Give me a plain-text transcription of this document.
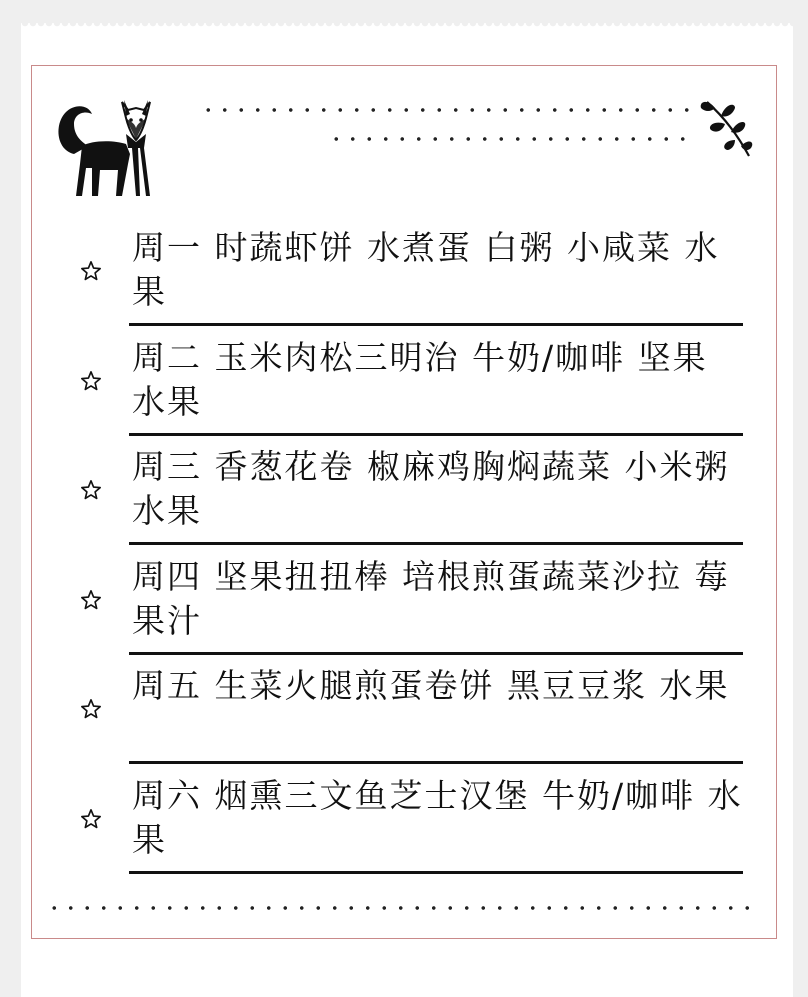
周一 时蔬虾饼 水煮蛋 白粥 小咸菜 水果
周二 玉米肉松三明治 牛奶/咖啡 坚果 水果
周三 香葱花卷 椒麻鸡胸焖蔬菜 小米粥 水果
周四 坚果扭扭棒 培根煎蛋蔬菜沙拉 莓果汁
周五 生菜火腿煎蛋卷饼 黑豆豆浆 水果
周六 烟熏三文鱼芝士汉堡 牛奶/咖啡 水果
